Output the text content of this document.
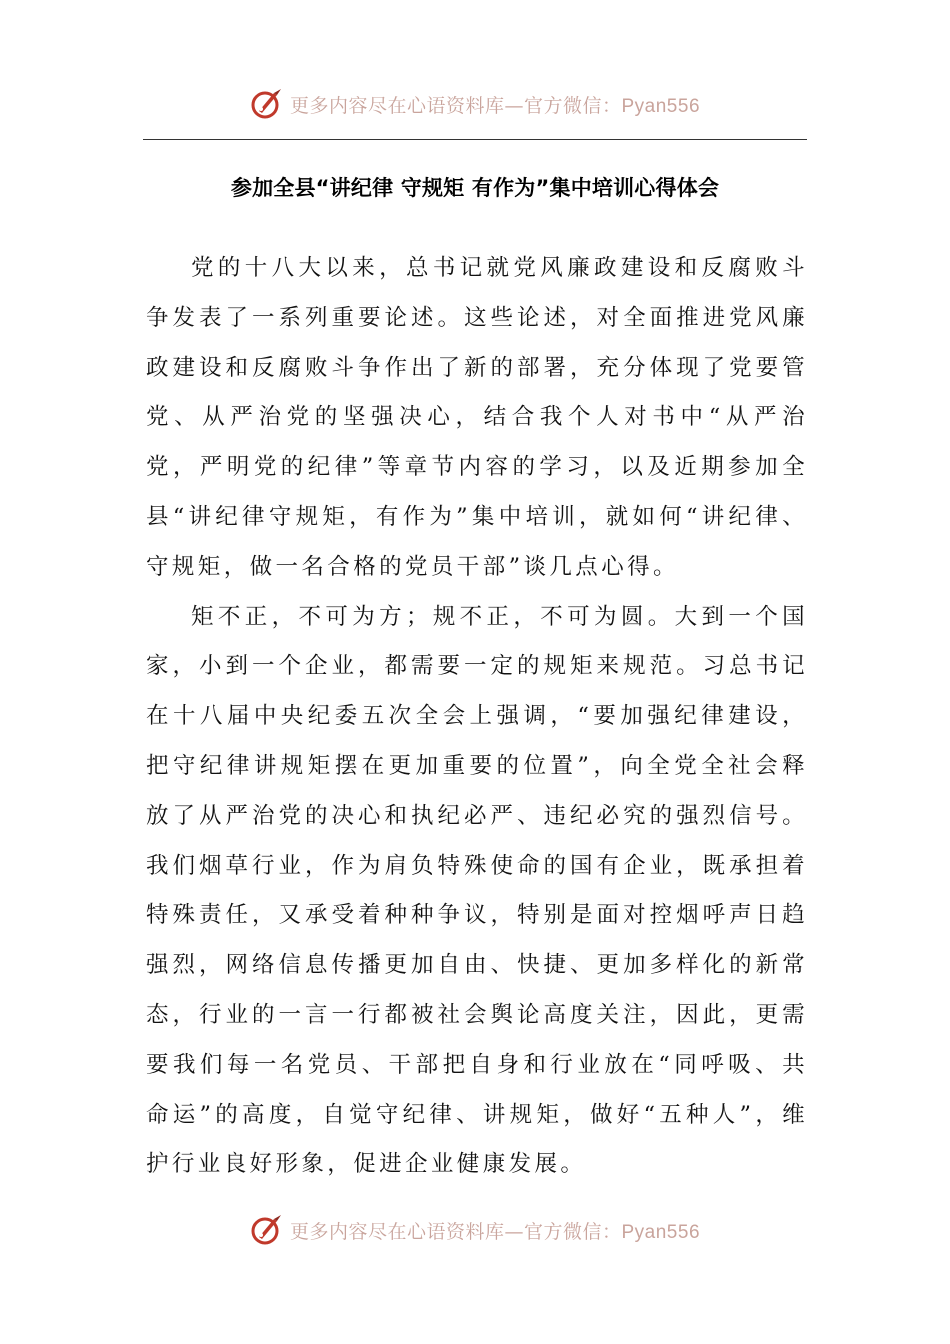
更多内容尽在心语资料库—官方微信：Pyan556
参加全县“讲纪律 守规矩 有作为”集中培训心得体会

党的十八大以来，总书记就党风廉政建设和反腐败斗争发表了一系列重要论述。这些论述，对全面推进党风廉政建设和反腐败斗争作出了新的部署，充分体现了党要管党、从严治党的坚强决心，结合我个人对书中“从严治党，严明党的纪律”等章节内容的学习，以及近期参加全县“讲纪律守规矩，有作为”集中培训，就如何“讲纪律、守规矩，做一名合格的党员干部”谈几点心得。

矩不正，不可为方；规不正，不可为圆。大到一个国家，小到一个企业，都需要一定的规矩来规范。习总书记在十八届中央纪委五次全会上强调，“要加强纪律建设，把守纪律讲规矩摆在更加重要的位置”，向全党全社会释放了从严治党的决心和执纪必严、违纪必究的强烈信号。我们烟草行业，作为肩负特殊使命的国有企业，既承担着特殊责任，又承受着种种争议，特别是面对控烟呼声日趋强烈，网络信息传播更加自由、快捷、更加多样化的新常态，行业的一言一行都被社会舆论高度关注，因此，更需要我们每一名党员、干部把自身和行业放在“同呼吸、共命运”的高度，自觉守纪律、讲规矩，做好“五种人”，维护行业良好形象，促进企业健康发展。

更多内容尽在心语资料库—官方微信：Pyan556
